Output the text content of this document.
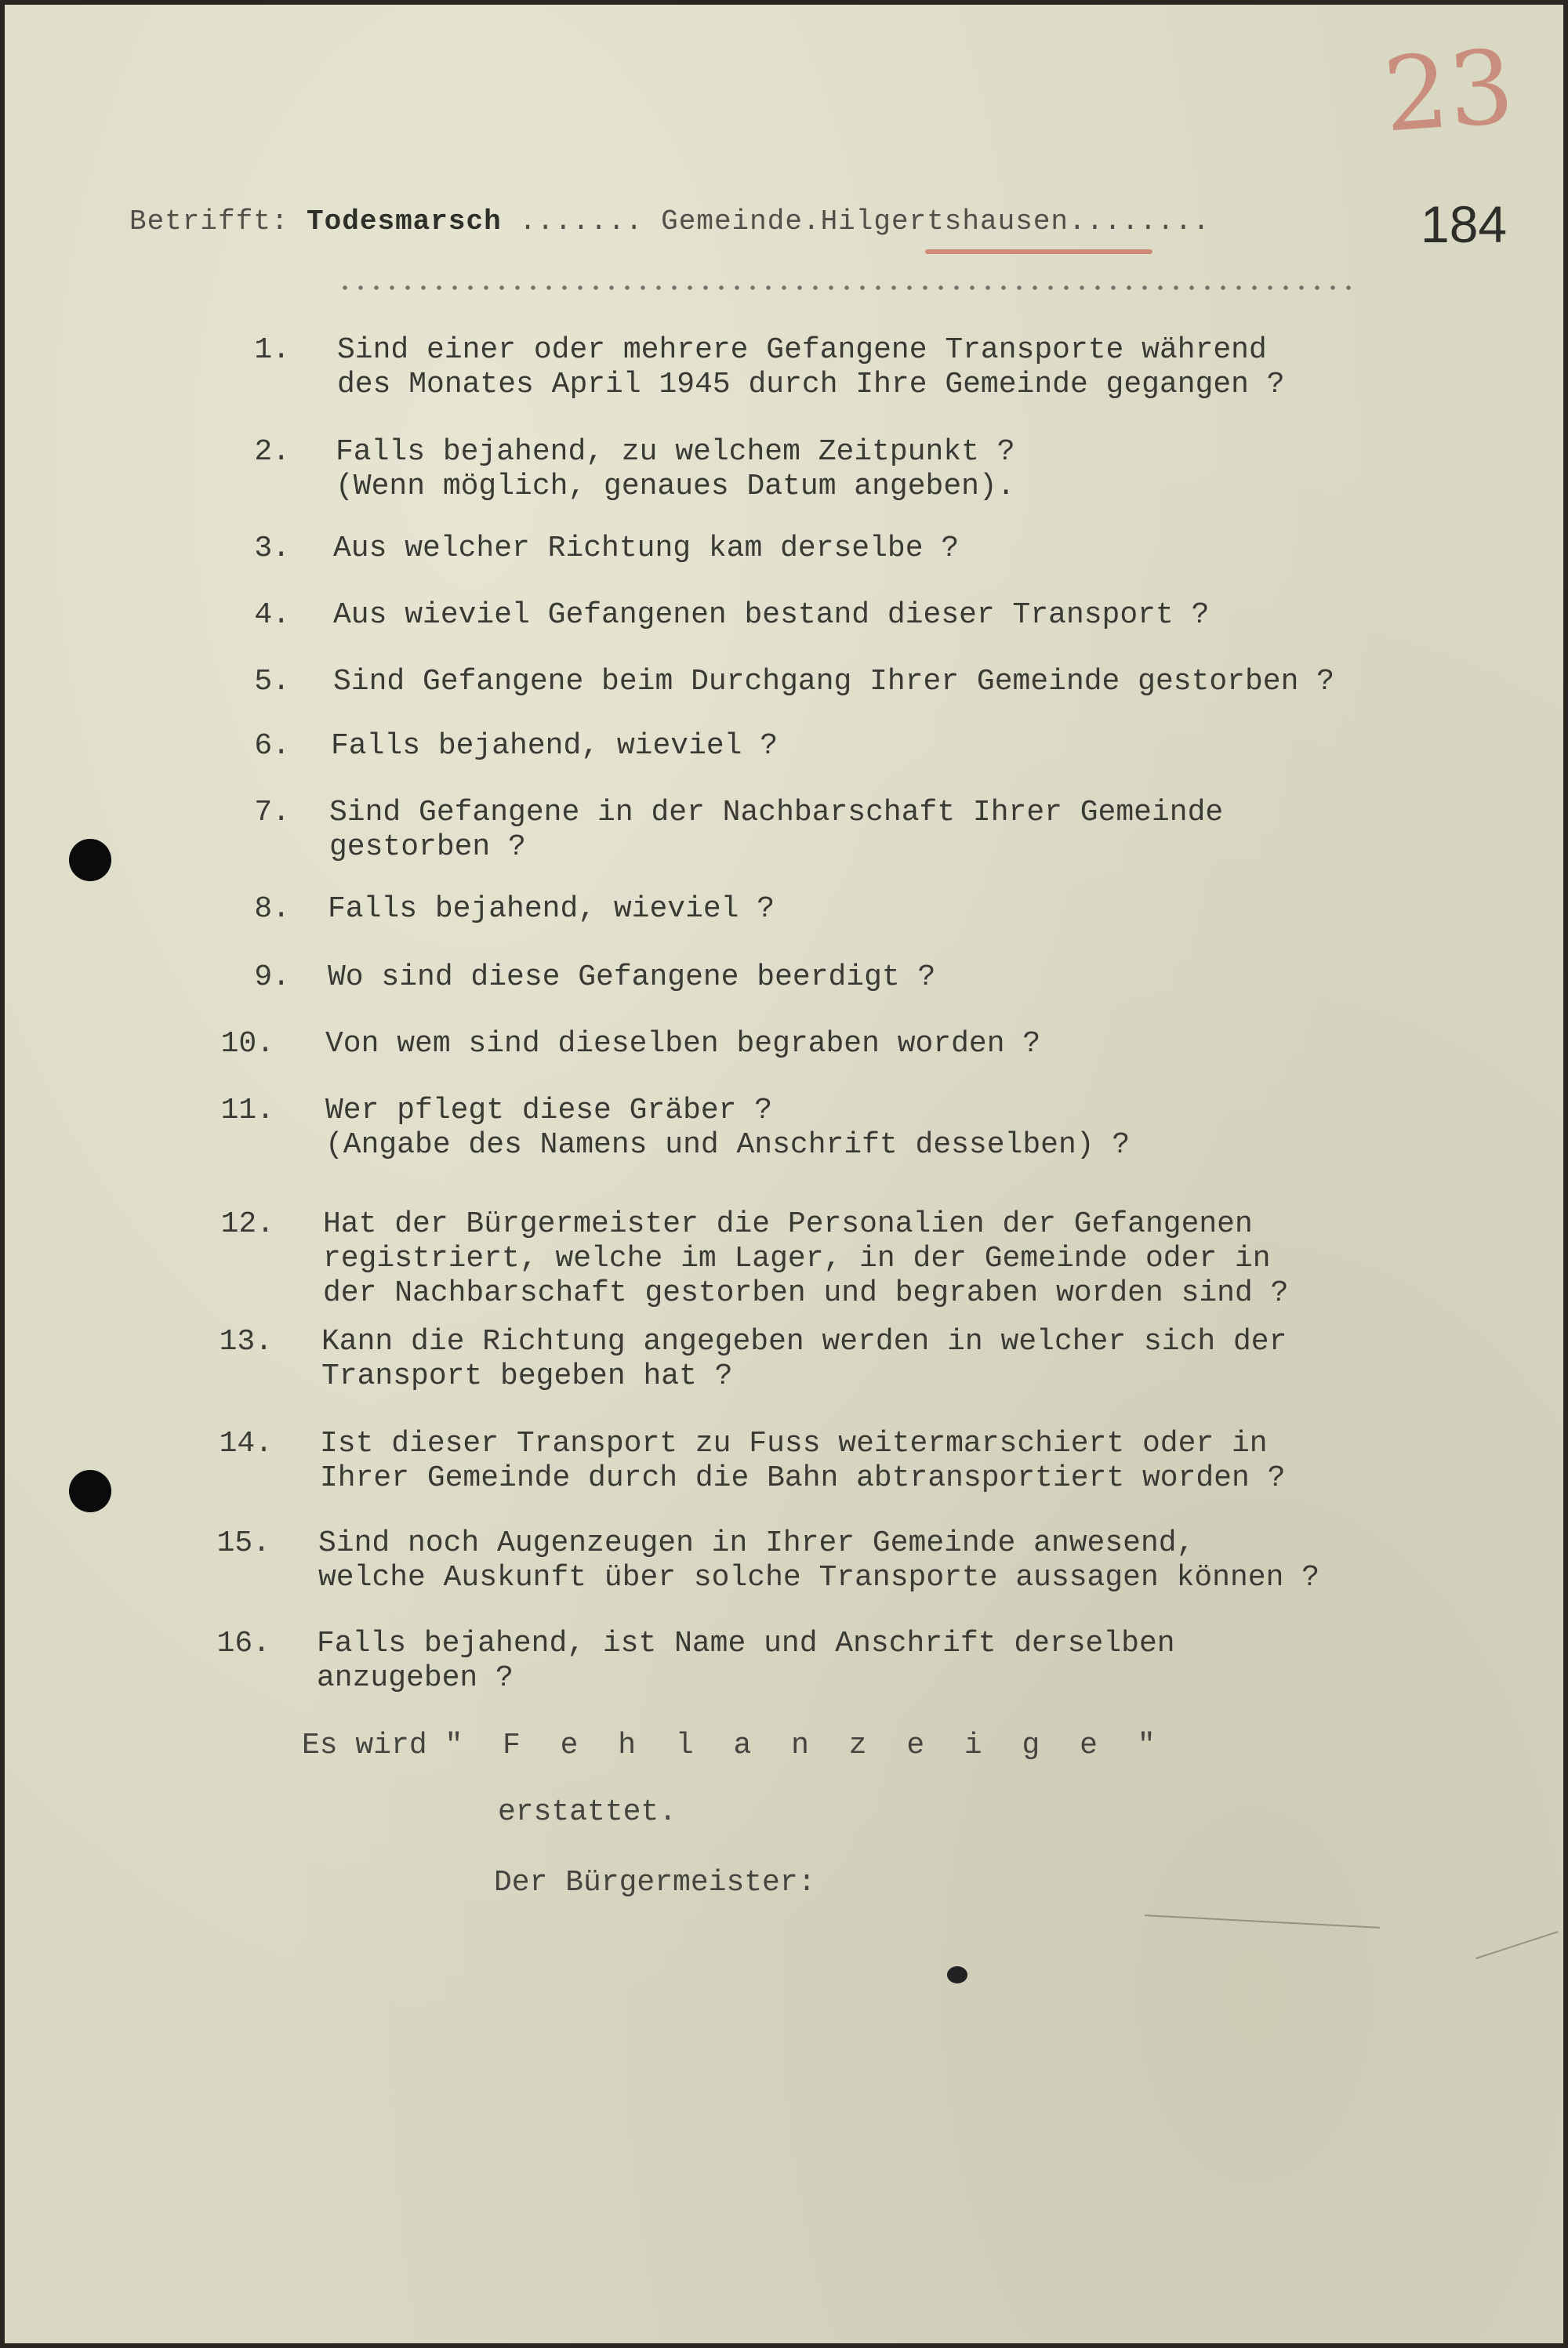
23
184
Betrifft: Todesmarsch ....... Gemeinde.Hilgertshausen........
1. Sind einer oder mehrere Gefangene Transporte während
des Monates April 1945 durch Ihre Gemeinde gegangen ?
2. Falls bejahend, zu welchem Zeitpunkt ?
(Wenn möglich, genaues Datum angeben).
3. Aus welcher Richtung kam derselbe ?
4. Aus wieviel Gefangenen bestand dieser Transport ?
5. Sind Gefangene beim Durchgang Ihrer Gemeinde gestorben ?
6. Falls bejahend, wieviel ?
7. Sind Gefangene in der Nachbarschaft Ihrer Gemeinde
gestorben ?
8. Falls bejahend, wieviel ?
9. Wo sind diese Gefangene beerdigt ?
10. Von wem sind dieselben begraben worden ?
11. Wer pflegt diese Gräber ?
(Angabe des Namens und Anschrift desselben) ?
12. Hat der Bürgermeister die Personalien der Gefangenen
registriert, welche im Lager, in der Gemeinde oder in
der Nachbarschaft gestorben und begraben worden sind ?
13. Kann die Richtung angegeben werden in welcher sich der
Transport begeben hat ?
14. Ist dieser Transport zu Fuss weitermarschiert oder in
Ihrer Gemeinde durch die Bahn abtransportiert worden ?
15. Sind noch Augenzeugen in Ihrer Gemeinde anwesend,
welche Auskunft über solche Transporte aussagen können ?
16. Falls bejahend, ist Name und Anschrift derselben
anzugeben ?
Es wird " F e h l a n z e i g e "
erstattet.
Der Bürgermeister:
